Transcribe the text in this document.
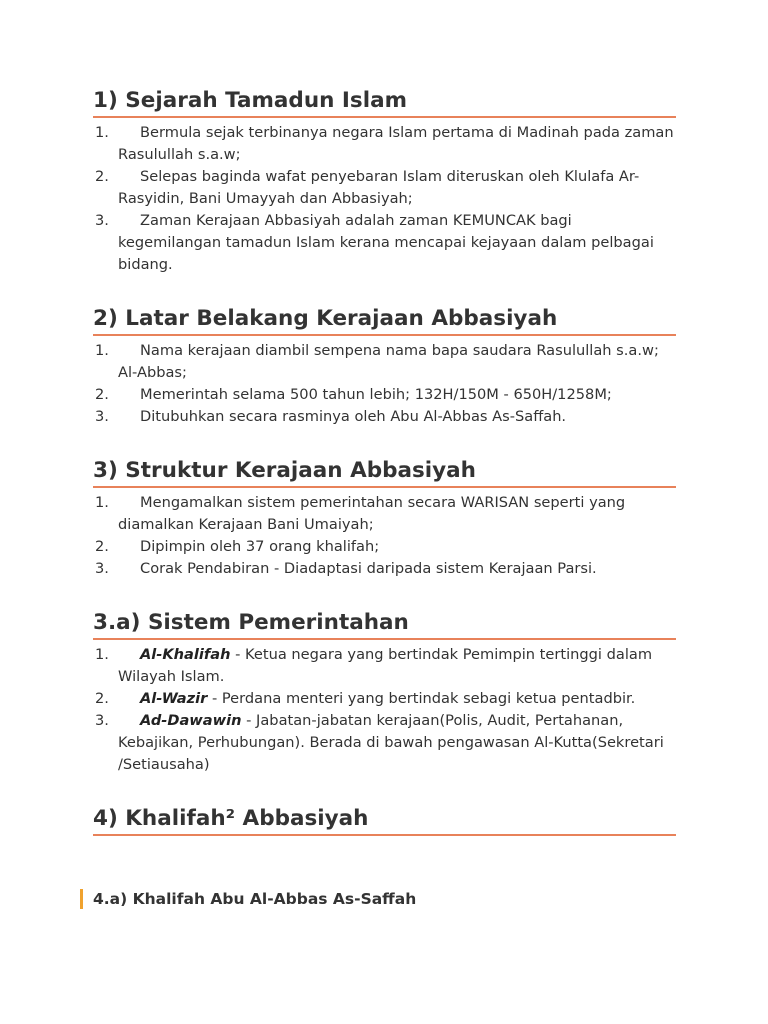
1) Sejarah Tamadun Islam
1. Bermula sejak terbinanya negara Islam pertama di Madinah pada zaman Rasulullah s.a.w;
2. Selepas baginda wafat penyebaran Islam diteruskan oleh Klulafa Ar-Rasyidin, Bani Umayyah dan Abbasiyah;
3. Zaman Kerajaan Abbasiyah adalah zaman KEMUNCAK bagi kegemilangan tamadun Islam kerana mencapai kejayaan dalam pelbagai bidang.
2) Latar Belakang Kerajaan Abbasiyah
1. Nama kerajaan diambil sempena nama bapa saudara Rasulullah s.a.w; Al-Abbas;
2. Memerintah selama 500 tahun lebih; 132H/150M - 650H/1258M;
3. Ditubuhkan secara rasminya oleh Abu Al-Abbas As-Saffah.
3) Struktur Kerajaan Abbasiyah
1. Mengamalkan sistem pemerintahan secara WARISAN seperti yang diamalkan Kerajaan Bani Umaiyah;
2. Dipimpin oleh 37 orang khalifah;
3. Corak Pendabiran - Diadaptasi daripada sistem Kerajaan Parsi.
3.a) Sistem Pemerintahan
1. Al-Khalifah - Ketua negara yang bertindak Pemimpin tertinggi dalam Wilayah Islam.
2. Al-Wazir - Perdana menteri yang bertindak sebagi ketua pentadbir.
3. Ad-Dawawin - Jabatan-jabatan kerajaan(Polis, Audit, Pertahanan, Kebajikan, Perhubungan). Berada di bawah pengawasan Al-Kutta(Sekretari /Setiausaha)
4) Khalifah² Abbasiyah
4.a) Khalifah Abu Al-Abbas As-Saffah
